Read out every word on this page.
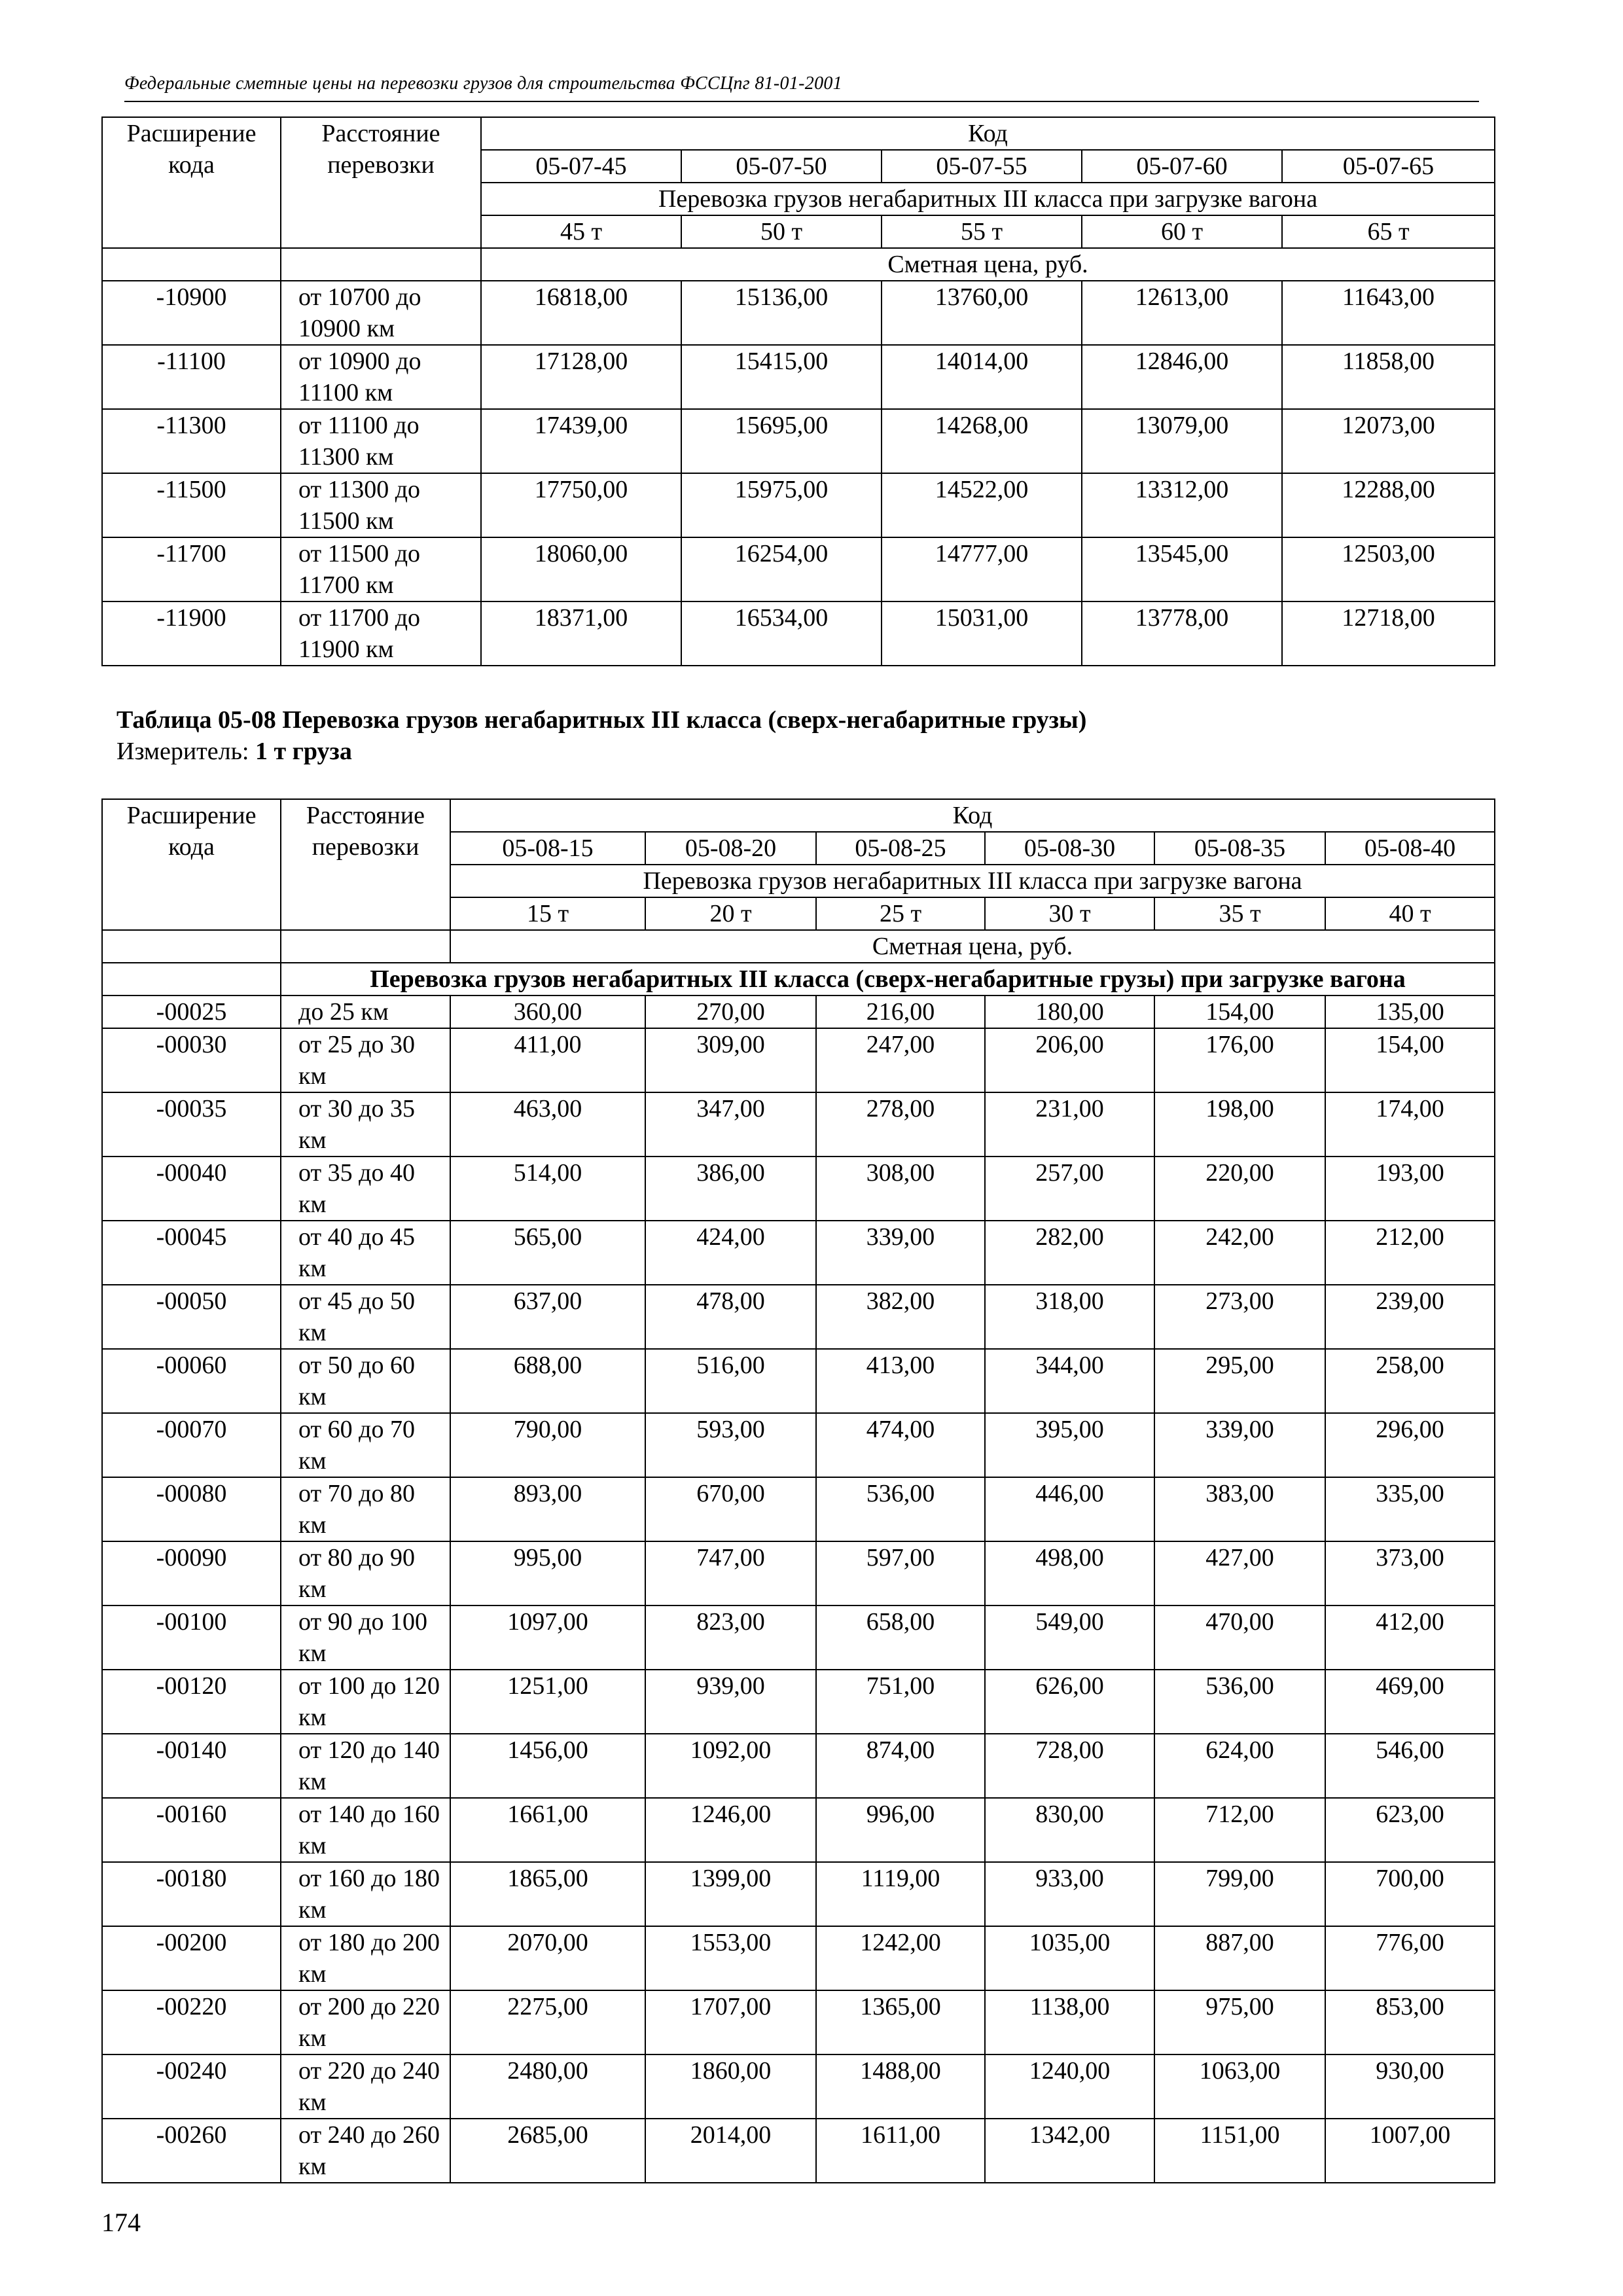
Федеральные сметные цены на перевозки грузов для строительства ФССЦпг 81-01-2001
Расширение кода	Расстояние перевозки	Код				
		05-07-45	05-07-50	05-07-55	05-07-60	05-07-65
		Перевозка грузов негабаритных III класса при загрузке вагона				
		45 т	50 т	55 т	60 т	65 т
		Сметная цена, руб.				
-10900	от 10700 до 10900 км	16818,00	15136,00	13760,00	12613,00	11643,00
-11100	от 10900 до 11100 км	17128,00	15415,00	14014,00	12846,00	11858,00
-11300	от 11100 до 11300 км	17439,00	15695,00	14268,00	13079,00	12073,00
-11500	от 11300 до 11500 км	17750,00	15975,00	14522,00	13312,00	12288,00
-11700	от 11500 до 11700 км	18060,00	16254,00	14777,00	13545,00	12503,00
-11900	от 11700 до 11900 км	18371,00	16534,00	15031,00	13778,00	12718,00
Таблица 05-08 Перевозка грузов негабаритных III класса (сверх-негабаритные грузы)
Измеритель: 1 т груза
Расширение кода	Расстояние перевозки	Код					
		05-08-15	05-08-20	05-08-25	05-08-30	05-08-35	05-08-40
		Перевозка грузов негабаритных III класса при загрузке вагона					
		15 т	20 т	25 т	30 т	35 т	40 т
		Сметная цена, руб.					
	Перевозка грузов негабаритных III класса (сверх-негабаритные грузы) при загрузке вагона						
-00025	до 25 км	360,00	270,00	216,00	180,00	154,00	135,00
-00030	от 25 до 30 км	411,00	309,00	247,00	206,00	176,00	154,00
-00035	от 30 до 35 км	463,00	347,00	278,00	231,00	198,00	174,00
-00040	от 35 до 40 км	514,00	386,00	308,00	257,00	220,00	193,00
-00045	от 40 до 45 км	565,00	424,00	339,00	282,00	242,00	212,00
-00050	от 45 до 50 км	637,00	478,00	382,00	318,00	273,00	239,00
-00060	от 50 до 60 км	688,00	516,00	413,00	344,00	295,00	258,00
-00070	от 60 до 70 км	790,00	593,00	474,00	395,00	339,00	296,00
-00080	от 70 до 80 км	893,00	670,00	536,00	446,00	383,00	335,00
-00090	от 80 до 90 км	995,00	747,00	597,00	498,00	427,00	373,00
-00100	от 90 до 100 км	1097,00	823,00	658,00	549,00	470,00	412,00
-00120	от 100 до 120 км	1251,00	939,00	751,00	626,00	536,00	469,00
-00140	от 120 до 140 км	1456,00	1092,00	874,00	728,00	624,00	546,00
-00160	от 140 до 160 км	1661,00	1246,00	996,00	830,00	712,00	623,00
-00180	от 160 до 180 км	1865,00	1399,00	1119,00	933,00	799,00	700,00
-00200	от 180 до 200 км	2070,00	1553,00	1242,00	1035,00	887,00	776,00
-00220	от 200 до 220 км	2275,00	1707,00	1365,00	1138,00	975,00	853,00
-00240	от 220 до 240 км	2480,00	1860,00	1488,00	1240,00	1063,00	930,00
-00260	от 240 до 260 км	2685,00	2014,00	1611,00	1342,00	1151,00	1007,00
174
